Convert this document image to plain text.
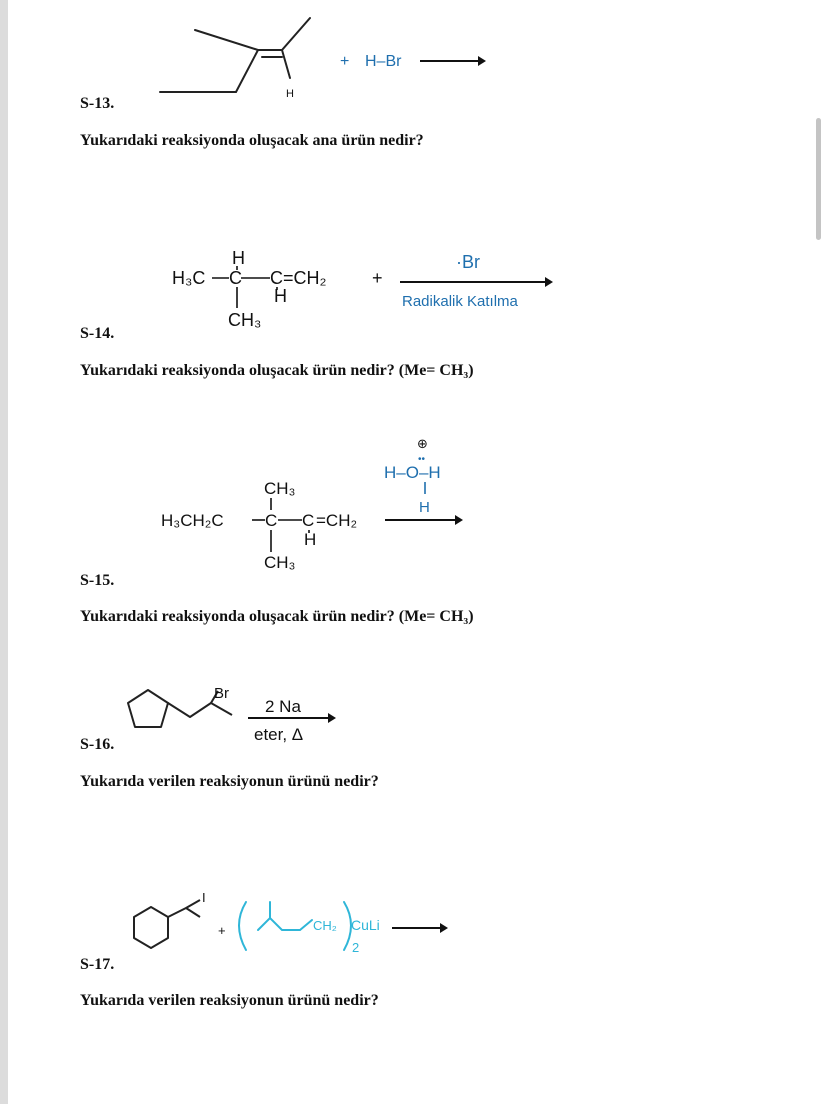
H
+ H–Br
S-13.
Yukarıdaki reaksiyonda oluşacak ana ürün nedir?
H
H₃C C C =CH₂
H
CH₃
+
·Br
Radikalik Katılma
S-14.
Yukarıdaki reaksiyonda oluşacak ürün nedir? (Me= CH₃)
⊕
••
H–O–H
H
CH₃
H₃CH₂C C C =CH₂
H
CH₃
S-15.
Yukarıdaki reaksiyonda oluşacak ürün nedir? (Me= CH₃)
Br
2 Na
eter, Δ
S-16.
Yukarıda verilen reaksiyonun ürünü nedir?
I
+	CH₂ CuLi
2
S-17.
Yukarıda verilen reaksiyonun ürünü nedir?
